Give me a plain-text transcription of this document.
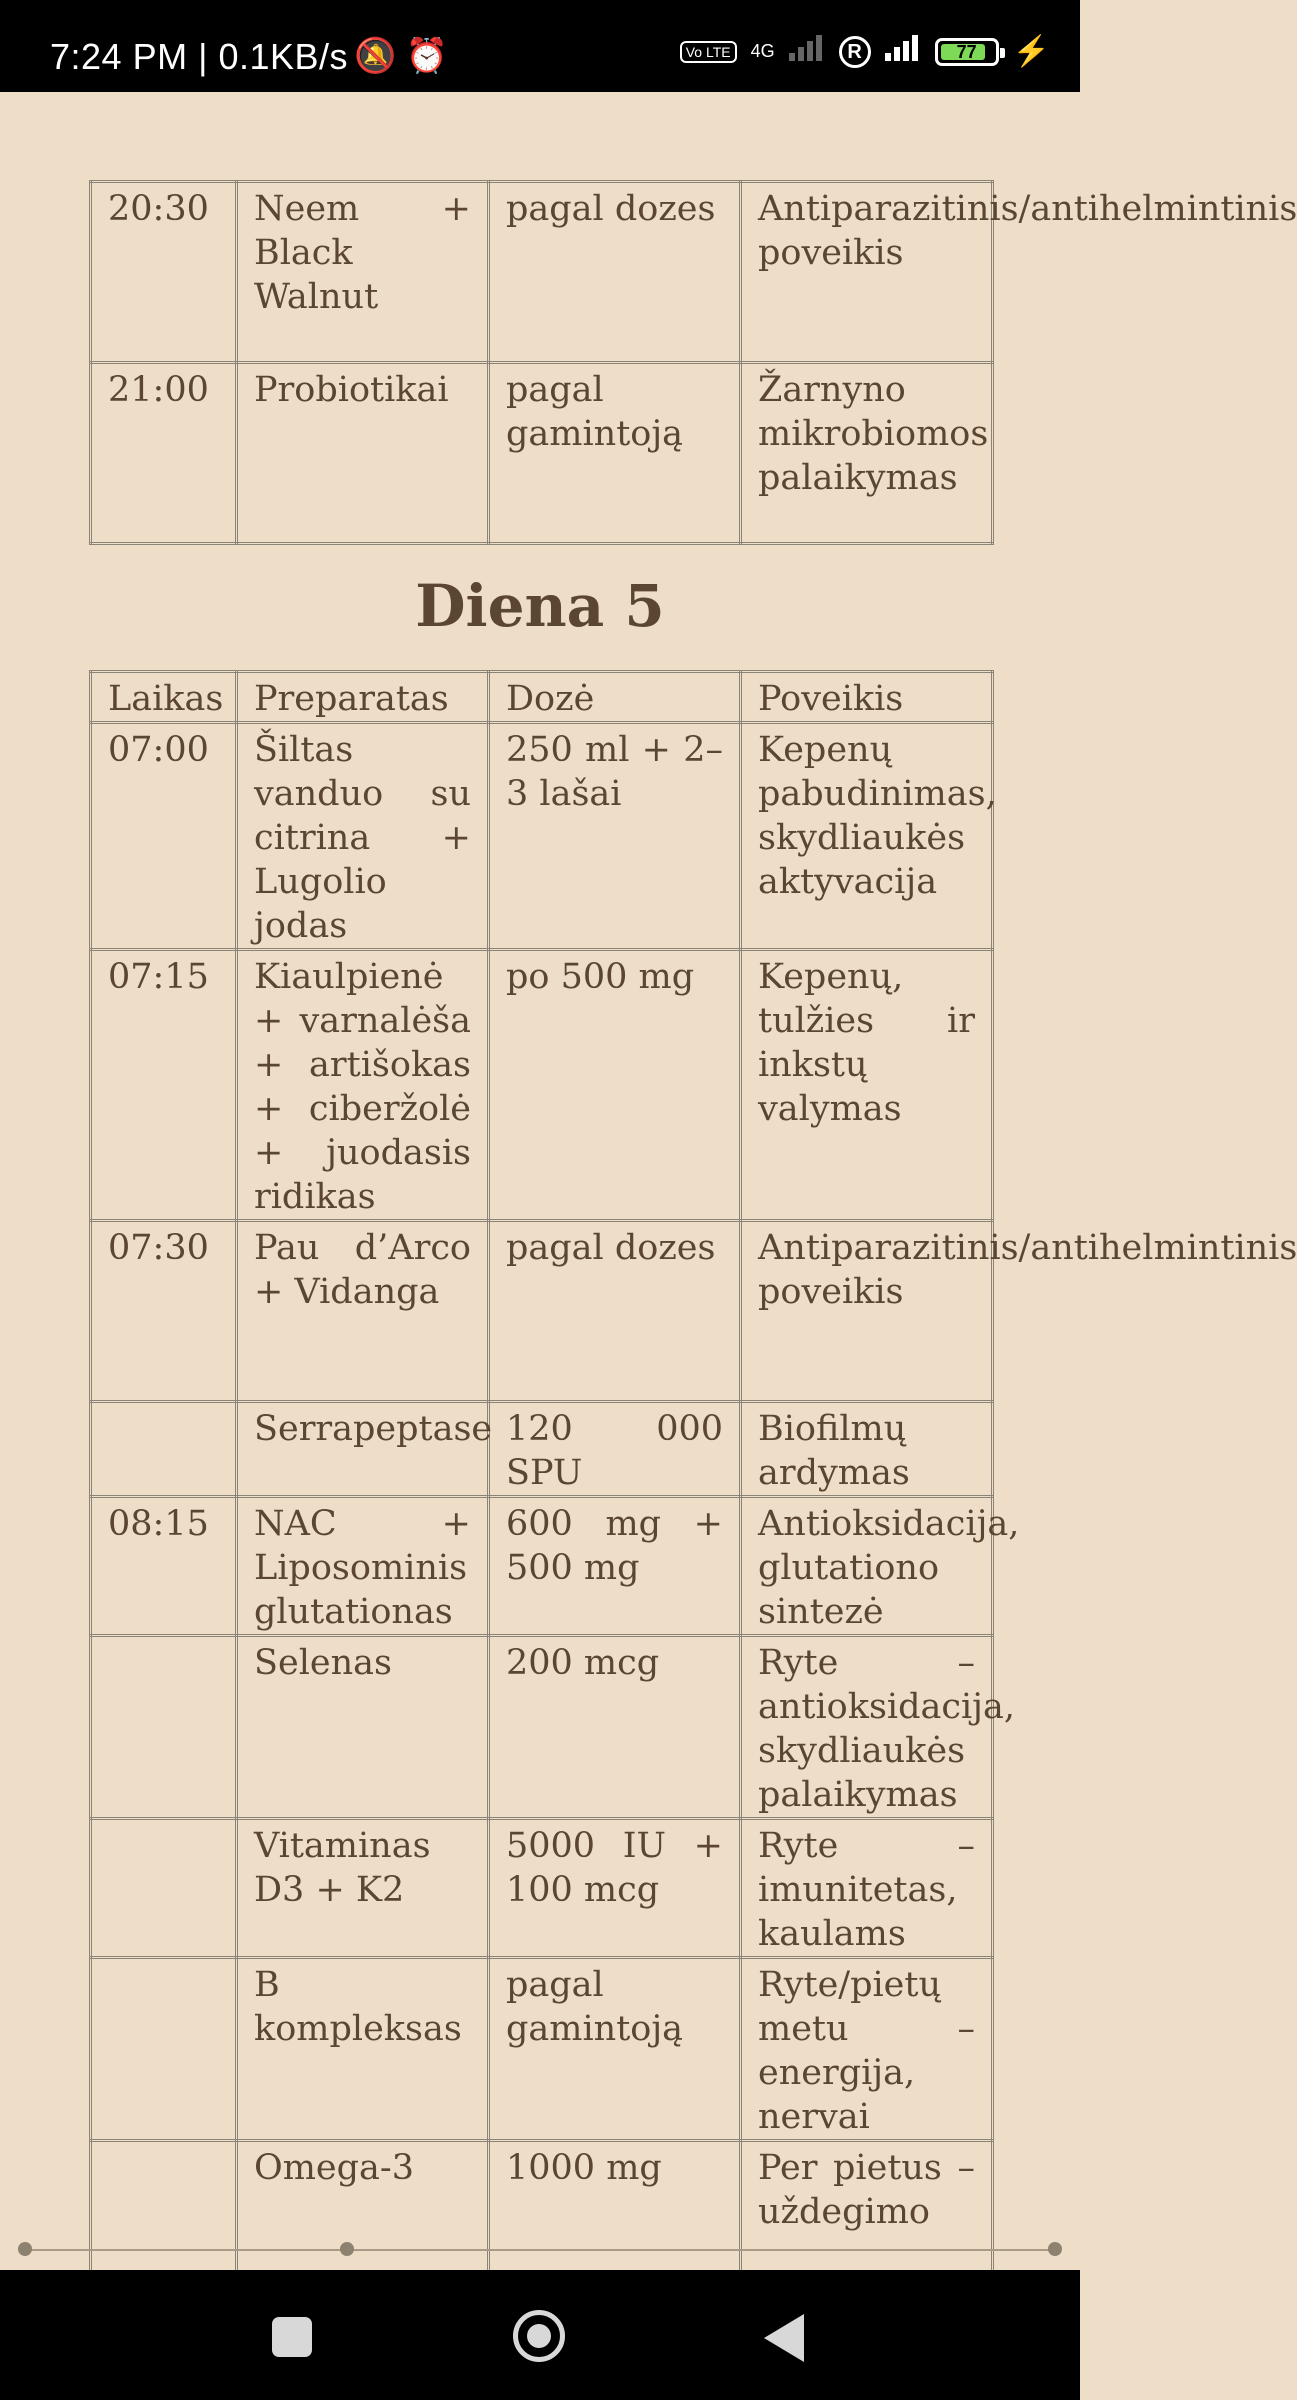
7:24 PM | 0.1KB/s 🔕 ⏰	Vo LTE	4G	R	77	⚡
20:30	Neem + Black Walnut	pagal dozes	Antiparazitinis/antihelmintinis poveikis
21:00	Probiotikai	pagal gamintoją	Žarnyno mikrobiomos palaikymas
Diena 5
Laikas	Preparatas	Dozė	Poveikis
07:00	Šiltas vanduo su citrina + Lugolio jodas	250 ml + 2–3 lašai	Kepenų pabudinimas, skydliaukės aktyvacija
07:15	Kiaulpienė + varnalėša + artišokas + ciberžolė + juodasis ridikas	po 500 mg	Kepenų, tulžies ir inkstų valymas
07:30	Pau d’Arco + Vidanga	pagal dozes	Antiparazitinis/antihelmintinis poveikis
	Serrapeptase	120 000 SPU	Biofilmų ardymas
08:15	NAC + Liposominis glutationas	600 mg + 500 mg	Antioksidacija, glutationo sintezė
	Selenas	200 mcg	Ryte – antioksidacija, skydliaukės palaikymas
	Vitaminas D3 + K2	5000 IU + 100 mcg	Ryte – imunitetas, kaulams
	B kompleksas	pagal gamintoją	Ryte/pietų metu – energija, nervai
	Omega-3	1000 mg	Per pietus – uždegimo
